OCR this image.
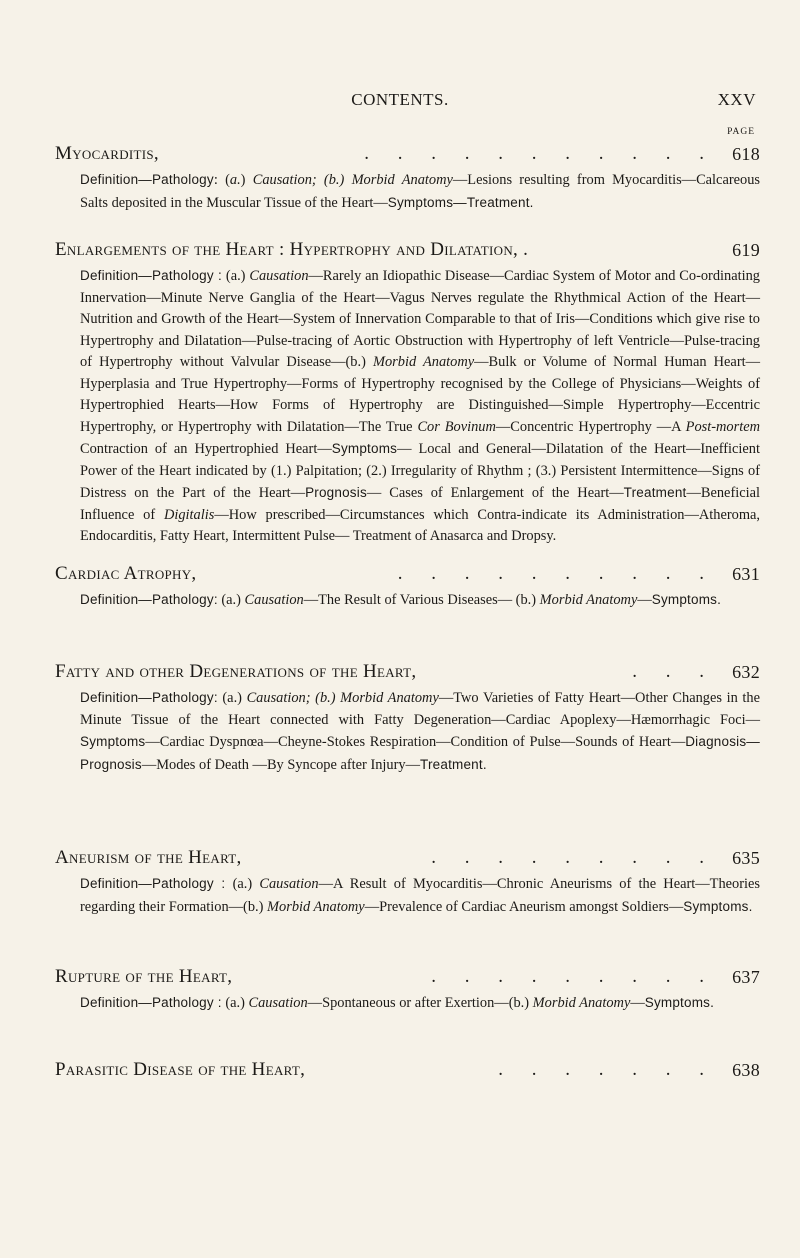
CONTENTS.	XXV
PAGE
. . . . . . . . . . .
Myocarditis,	618
Definition—Pathology: (a.) Causation; (b.) Morbid Anatomy—Lesions resulting from Myocarditis—Calcareous Salts deposited in the Muscular Tissue of the Heart—Symptoms—Treatment.
Enlargements of the Heart : Hypertrophy and Dilatation, .	619
Definition—Pathology : (a.) Causation—Rarely an Idiopathic Disease—Cardiac System of Motor and Co-ordinating Innervation—Minute Nerve Ganglia of the Heart—Vagus Nerves regulate the Rhythmical Action of the Heart—Nutrition and Growth of the Heart—System of Innervation Comparable to that of Iris—Conditions which give rise to Hypertrophy and Dilatation—Pulse-tracing of Aortic Obstruction with Hypertrophy of left Ventricle—Pulse-tracing of Hypertrophy without Valvular Disease—(b.) Morbid Anatomy—Bulk or Volume of Normal Human Heart—Hyperplasia and True Hypertrophy—Forms of Hypertrophy recognised by the College of Physicians—Weights of Hypertrophied Hearts—How Forms of Hypertrophy are Distinguished—Simple Hypertrophy—Eccentric Hypertrophy, or Hypertrophy with Dilatation—The True Cor Bovinum—Concentric Hypertrophy —A Post-mortem Contraction of an Hypertrophied Heart—Symptoms— Local and General—Dilatation of the Heart—Inefficient Power of the Heart indicated by (1.) Palpitation; (2.) Irregularity of Rhythm ; (3.) Persistent Intermittence—Signs of Distress on the Part of the Heart—Prognosis— Cases of Enlargement of the Heart—Treatment—Beneficial Influence of Digitalis—How prescribed—Circumstances which Contra-indicate its Administration—Atheroma, Endocarditis, Fatty Heart, Intermittent Pulse— Treatment of Anasarca and Dropsy.
. . . . . . . . . .
Cardiac Atrophy,	631
Definition—Pathology: (a.) Causation—The Result of Various Diseases— (b.) Morbid Anatomy—Symptoms.
. . .
Fatty and other Degenerations of the Heart,	632
Definition—Pathology: (a.) Causation; (b.) Morbid Anatomy—Two Varieties of Fatty Heart—Other Changes in the Minute Tissue of the Heart connected with Fatty Degeneration—Cardiac Apoplexy—Hæmorrhagic Foci— Symptoms—Cardiac Dyspnœa—Cheyne-Stokes Respiration—Condition of Pulse—Sounds of Heart—Diagnosis—Prognosis—Modes of Death —By Syncope after Injury—Treatment.
. . . . . . . . .
Aneurism of the Heart,	635
Definition—Pathology : (a.) Causation—A Result of Myocarditis—Chronic Aneurisms of the Heart—Theories regarding their Formation—(b.) Morbid Anatomy—Prevalence of Cardiac Aneurism amongst Soldiers—Symptoms.
. . . . . . . . .
Rupture of the Heart,	637
Definition—Pathology : (a.) Causation—Spontaneous or after Exertion—(b.) Morbid Anatomy—Symptoms.
. . . . . . .
Parasitic Disease of the Heart,	638
